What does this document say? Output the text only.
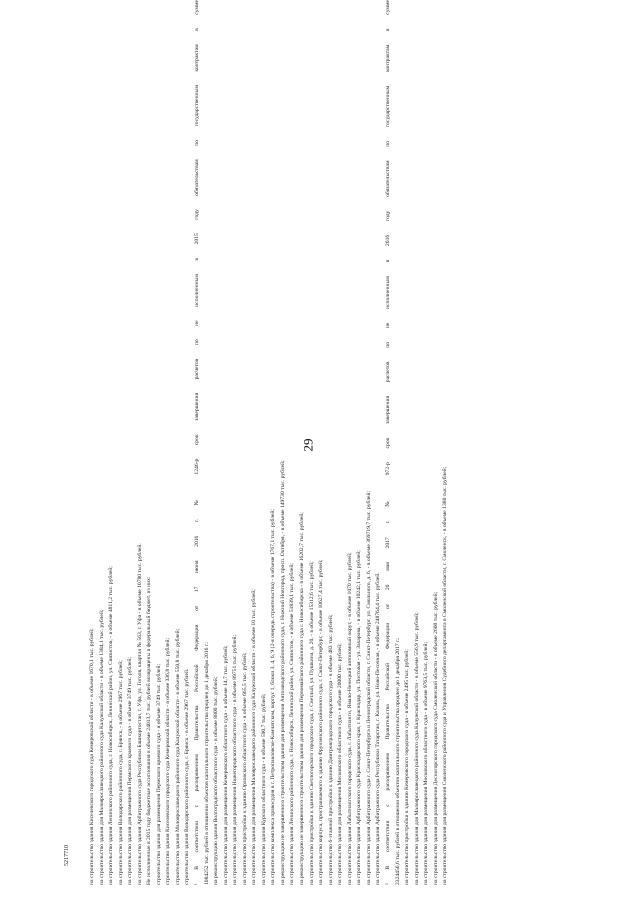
29
на строительство здания Киселевского городского суда Кемеровской области - в объеме 1670,1 тыс. рублей; на строительство здания для Малоярославецкого районного суда Калужской области - в объеме 1384,1 тыс. рублей; на строительство здания Ленинского районного суда, г. Новосибирск, Ленинский район, ул. Связистов, - в объеме 4811,2 тыс. рублей; на строительство здания Володарского районного суда, г. Брянск, - в объеме 2967 тыс. рублей; на строительство здания для размещения Пермского краевого суда - в объеме 3749 тыс. рублей; на строительство здания Арбитражного суда Республики Башкортостан, г. Уфа, ул. Гоголя, квартал № 563, г. Уфа - в объеме 10780 тыс. рублей. Не исполненные в 2015 году бюджетные ассигнования в объеме 24013,7 тыс. рублей возвращены в федеральный бюджет, из них: строительство здания для размещения Пермского краевого суда - в объеме 3749 тыс. рублей; строительство здания Киселевского городского суда Кемеровской области - в объеме 336,8 тыс. рублей; строительство здания Малоярославецкого районного суда Калужской области - в объеме 550,8 тыс. рублей; строительство здания Володарского районного суда, г. Брянск - в объеме 2967 тыс. рублей. ¹ В соответствии с распоряжением Правительства Российской Федерации от 17 июня 2016 г. № 1246-р срок завершения расчетов по не исполненным в 2015 году обязательствам по государственным контрактам в сумме 1084252 тыс. рублей в отношении объектов капитального строительства продлен до 1 декабря 2016 г.: на реконструкцию здания Волгоградского областного суда - в объеме 8800 тыс. рублей; на строительство здания для размещения Кемеровского областного суда - в объеме 14,7 тыс. рублей; на строительство здания для размещения Нижегородского областного суда - в объеме 89751 тыс. рублей; на строительство пристройки к зданию Орловского областного суда - в объеме 665,5 тыс. рублей; на строительство здания для размещения Малоярославецкого районного суда Калужской области - в объеме 10 тыс. рублей; на строительство здания Курского областного суда - в объеме 590,7 тыс. рублей; на строительство комплекса правосудия в г. Петропавловске-Камчатском, корпус 1, блоки 3, 4, 6, 9 (2-я очередь строительства) - в объеме 1767,1 тыс. рублей; на реконструкцию не завершенного строительством здания для размещения Автозаводского районного суда, г. Нижний Новгород, просп. Октября, - в объеме 149730 тыс. рублей; на строительство здания Ленинского районного суда, г. Новосибирск, Ленинский район, ул. Связистов, - в объеме 51839,1 тыс. рублей; на реконструкцию не завершенного строительством здания для размещения Первомайского районного суда г. Новосибирска - в объеме 16202,7 тыс. рублей; на строительство пристройки к зданию Светлогорского городского суда, г. Светлый, ул. Пушкина, д. 20, - в объеме 15312,6 тыс. рублей; на строительство корпуса, пристраиваемого к зданию Фрунзенского районного суда, г. Санкт-Петербург, - в объеме 10627,4 тыс. рублей; на строительство 6-этажной пристройки к зданию Дмитровградского городского суда - в объеме 483 тыс. рублей; на строительство здания для размещения Московского областного суда - в объеме 20000 тыс. рублей; на строительство здания Лабытнангского городского суда, г. Лабытнанги, Ямало-Ненецкий автономный округ, - в объеме 1070 тыс. рублей; на строительство здания Арбитражного суда Краснодарского края, г. Краснодар, ул. Постовая - ул. Захарова, - в объеме 10242,1 тыс. рублей; на строительство здания Арбитражного суда г. Санкт-Петербурга и Ленинградской области, г. Санкт-Петербург, ул. Смольного, д. 6, - в объеме 369719,7 тыс. рублей; на строительство здания Арбитражного суда Республики Татарстан, г. Казань, ул. Ново-Песочная, - в объеме 248764,4 тыс. рублей. ² В соответствии с распоряжением Правительства Российской Федерации от 20 мая 2017 г. № 972-р срок завершения расчетов по не исполненным в 2016 году обязательствам по государственным контрактам в сумме 2324456,6 тыс. рублей в отношении объектов капитального строительства продлен до 1 декабря 2017 г.: на строительство пристройки к зданию Кемеровского городского суда - в объеме 2495 тыс. рублей; на строительство здания для Малоярославецкого районного суда Калужской области - в объеме 556,9 тыс. рублей; на строительство здания для размещения Московского областного суда - в объеме 9763,5 тыс. рублей; на строительство здания для размещения Десногорского городского суда Смоленской области - в объеме 2600 тыс. рублей; на строительство здания для размещения Смоленского районного суда и Управления Судебного департамента в Смоленской области, г. Смоленск, - в объеме 1380 тыс. рублей;
5217710
